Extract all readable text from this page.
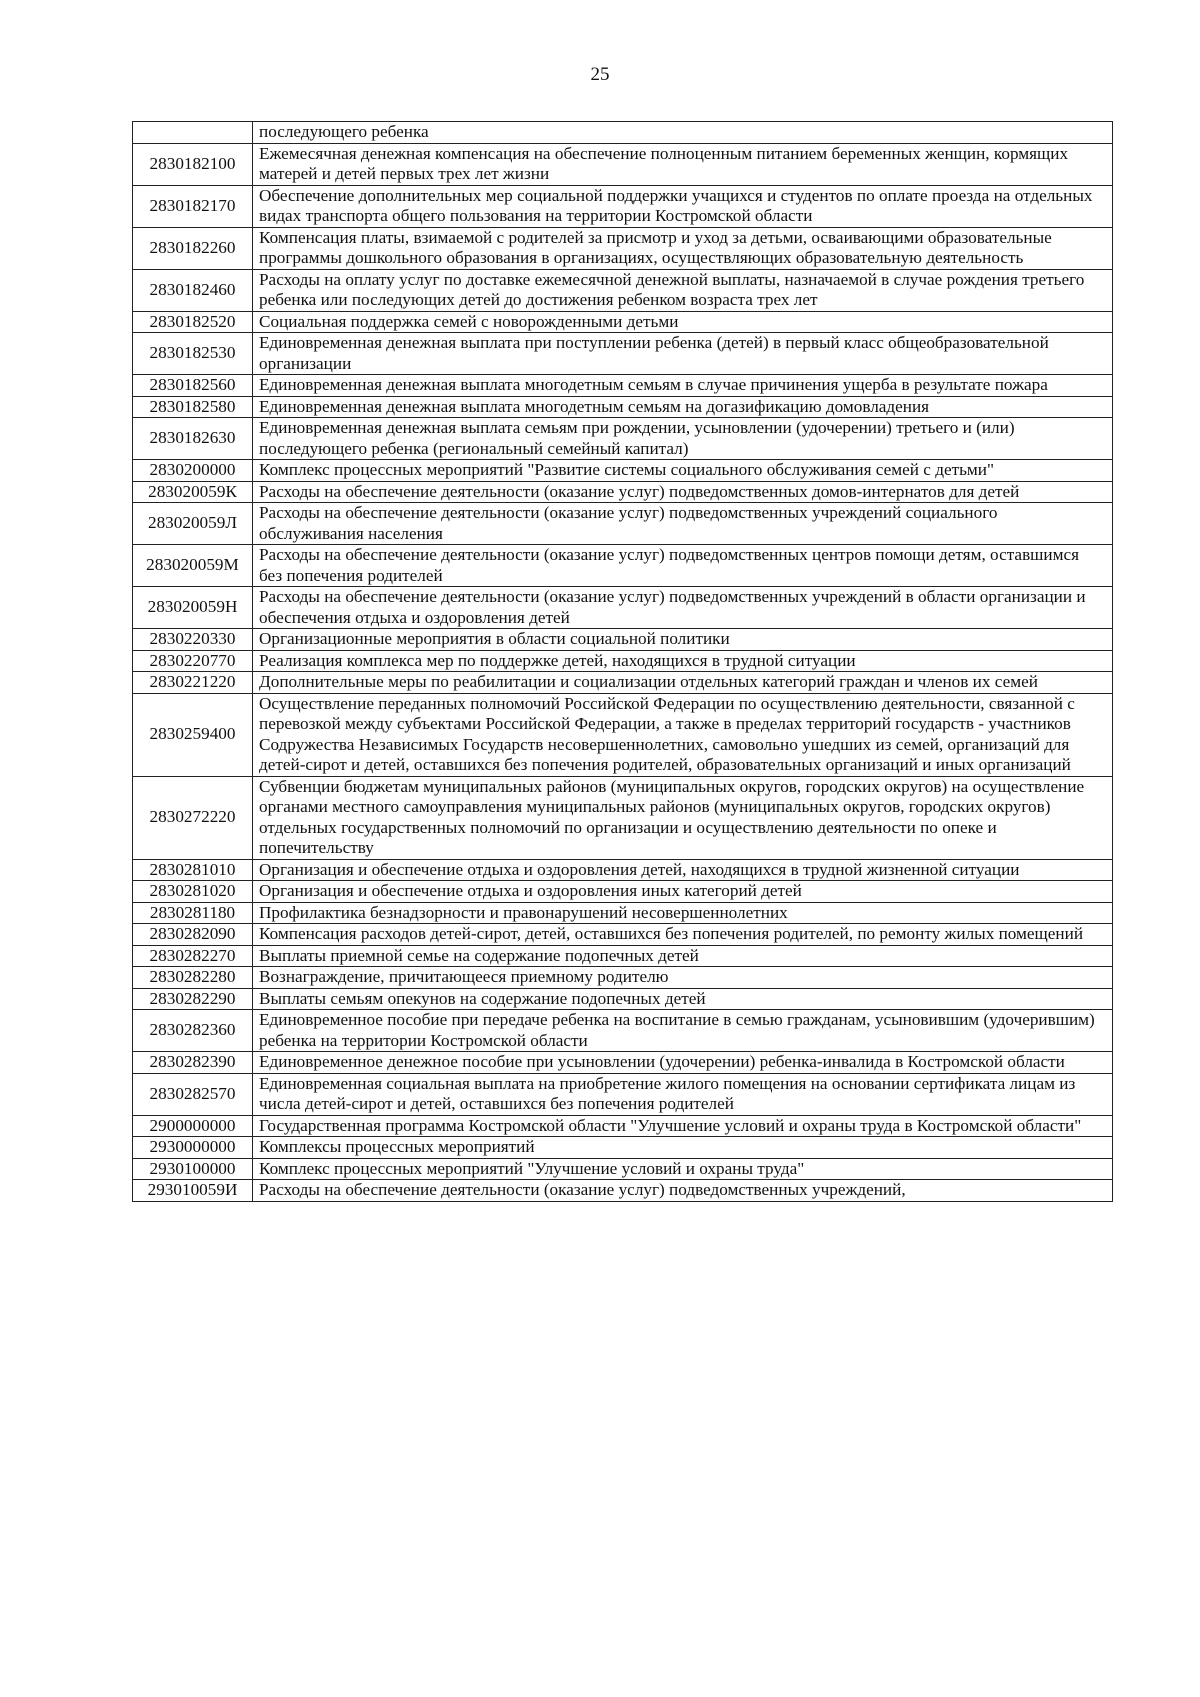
25
	последующего ребенка
2830182100	Ежемесячная денежная компенсация на обеспечение полноценным питанием беременных женщин, кормящих матерей и детей первых трех лет жизни
2830182170	Обеспечение дополнительных мер социальной поддержки учащихся и студентов по оплате проезда на отдельных видах транспорта общего пользования на территории Костромской области
2830182260	Компенсация платы, взимаемой с родителей за присмотр и уход за детьми, осваивающими образовательные программы дошкольного образования в организациях, осуществляющих образовательную деятельность
2830182460	Расходы на оплату услуг по доставке ежемесячной денежной выплаты, назначаемой в случае рождения третьего ребенка или последующих детей до достижения ребенком возраста трех лет
2830182520	Социальная поддержка семей с новорожденными детьми
2830182530	Единовременная денежная выплата при поступлении ребенка (детей) в первый класс общеобразовательной организации
2830182560	Единовременная денежная выплата многодетным семьям в случае причинения ущерба в результате пожара
2830182580	Единовременная денежная выплата многодетным семьям на догазификацию домовладения
2830182630	Единовременная денежная выплата семьям при рождении, усыновлении (удочерении) третьего и (или) последующего ребенка (региональный семейный капитал)
2830200000	Комплекс процессных мероприятий "Развитие системы социального обслуживания семей с детьми"
283020059К	Расходы на обеспечение деятельности (оказание услуг) подведомственных домов-интернатов для детей
283020059Л	Расходы на обеспечение деятельности (оказание услуг) подведомственных учреждений социального обслуживания населения
283020059М	Расходы на обеспечение деятельности (оказание услуг) подведомственных центров помощи детям, оставшимся без попечения родителей
283020059Н	Расходы на обеспечение деятельности (оказание услуг) подведомственных учреждений в области организации и обеспечения отдыха и оздоровления детей
2830220330	Организационные мероприятия в области социальной политики
2830220770	Реализация комплекса мер по поддержке детей, находящихся в трудной ситуации
2830221220	Дополнительные меры по реабилитации и социализации отдельных категорий граждан и членов их семей
2830259400	Осуществление переданных полномочий Российской Федерации по осуществлению деятельности, связанной с перевозкой между субъектами Российской Федерации, а также в пределах территорий государств - участников Содружества Независимых Государств несовершеннолетних, самовольно ушедших из семей, организаций для детей-сирот и детей, оставшихся без попечения родителей, образовательных организаций и иных организаций
2830272220	Субвенции бюджетам муниципальных районов (муниципальных округов, городских округов) на осуществление органами местного самоуправления муниципальных районов (муниципальных округов, городских округов) отдельных государственных полномочий по организации и осуществлению деятельности по опеке и попечительству
2830281010	Организация и обеспечение отдыха и оздоровления детей, находящихся в трудной жизненной ситуации
2830281020	Организация и обеспечение отдыха и оздоровления иных категорий детей
2830281180	Профилактика безнадзорности и правонарушений несовершеннолетних
2830282090	Компенсация расходов детей-сирот, детей, оставшихся без попечения родителей, по ремонту жилых помещений
2830282270	Выплаты приемной семье на содержание подопечных детей
2830282280	Вознаграждение, причитающееся приемному родителю
2830282290	Выплаты семьям опекунов на содержание подопечных детей
2830282360	Единовременное пособие при передаче ребенка на воспитание в семью гражданам, усыновившим (удочерившим) ребенка на территории Костромской области
2830282390	Единовременное денежное пособие при усыновлении (удочерении) ребенка-инвалида в Костромской области
2830282570	Единовременная социальная выплата на приобретение жилого помещения на основании сертификата лицам из числа детей-сирот и детей, оставшихся без попечения родителей
2900000000	Государственная программа Костромской области "Улучшение условий и охраны труда в Костромской области"
2930000000	Комплексы процессных мероприятий
2930100000	Комплекс процессных мероприятий "Улучшение условий и охраны труда"
293010059И	Расходы на обеспечение деятельности (оказание услуг) подведомственных учреждений,
